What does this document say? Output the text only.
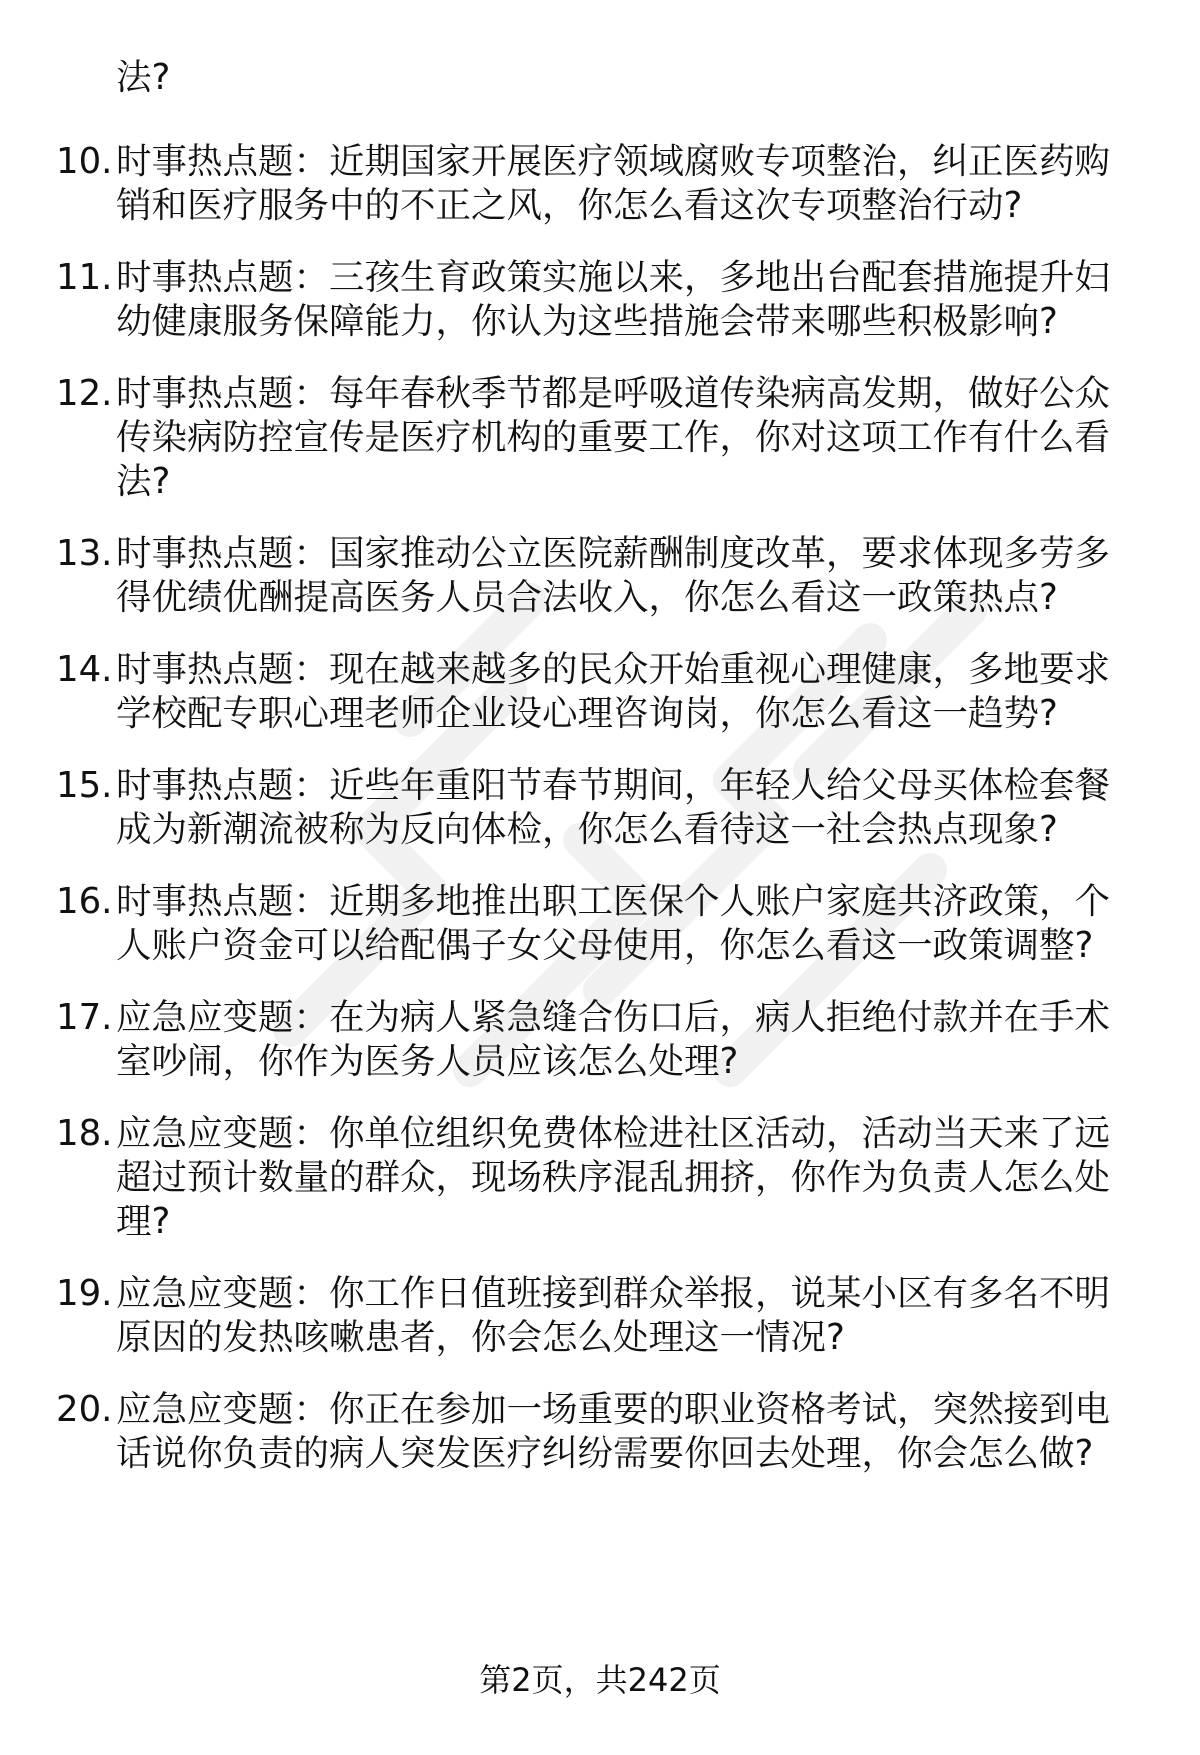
法?
10. 时事热点题：近期国家开展医疗领域腐败专项整治，纠正医药购
销和医疗服务中的不正之风，你怎么看这次专项整治行动?
11. 时事热点题：三孩生育政策实施以来，多地出台配套措施提升妇
幼健康服务保障能力，你认为这些措施会带来哪些积极影响?
12. 时事热点题：每年春秋季节都是呼吸道传染病高发期，做好公众
传染病防控宣传是医疗机构的重要工作，你对这项工作有什么看
法?
13. 时事热点题：国家推动公立医院薪酬制度改革，要求体现多劳多
得优绩优酬提高医务人员合法收入，你怎么看这一政策热点?
14. 时事热点题：现在越来越多的民众开始重视心理健康，多地要求
学校配专职心理老师企业设心理咨询岗，你怎么看这一趋势?
15. 时事热点题：近些年重阳节春节期间，年轻人给父母买体检套餐
成为新潮流被称为反向体检，你怎么看待这一社会热点现象?
16. 时事热点题：近期多地推出职工医保个人账户家庭共济政策，个
人账户资金可以给配偶子女父母使用，你怎么看这一政策调整?
17. 应急应变题：在为病人紧急缝合伤口后，病人拒绝付款并在手术
室吵闹，你作为医务人员应该怎么处理?
18. 应急应变题：你单位组织免费体检进社区活动，活动当天来了远
超过预计数量的群众，现场秩序混乱拥挤，你作为负责人怎么处
理?
19. 应急应变题：你工作日值班接到群众举报，说某小区有多名不明
原因的发热咳嗽患者，你会怎么处理这一情况?
20. 应急应变题：你正在参加一场重要的职业资格考试，突然接到电
话说你负责的病人突发医疗纠纷需要你回去处理，你会怎么做?
第2页，共242页
